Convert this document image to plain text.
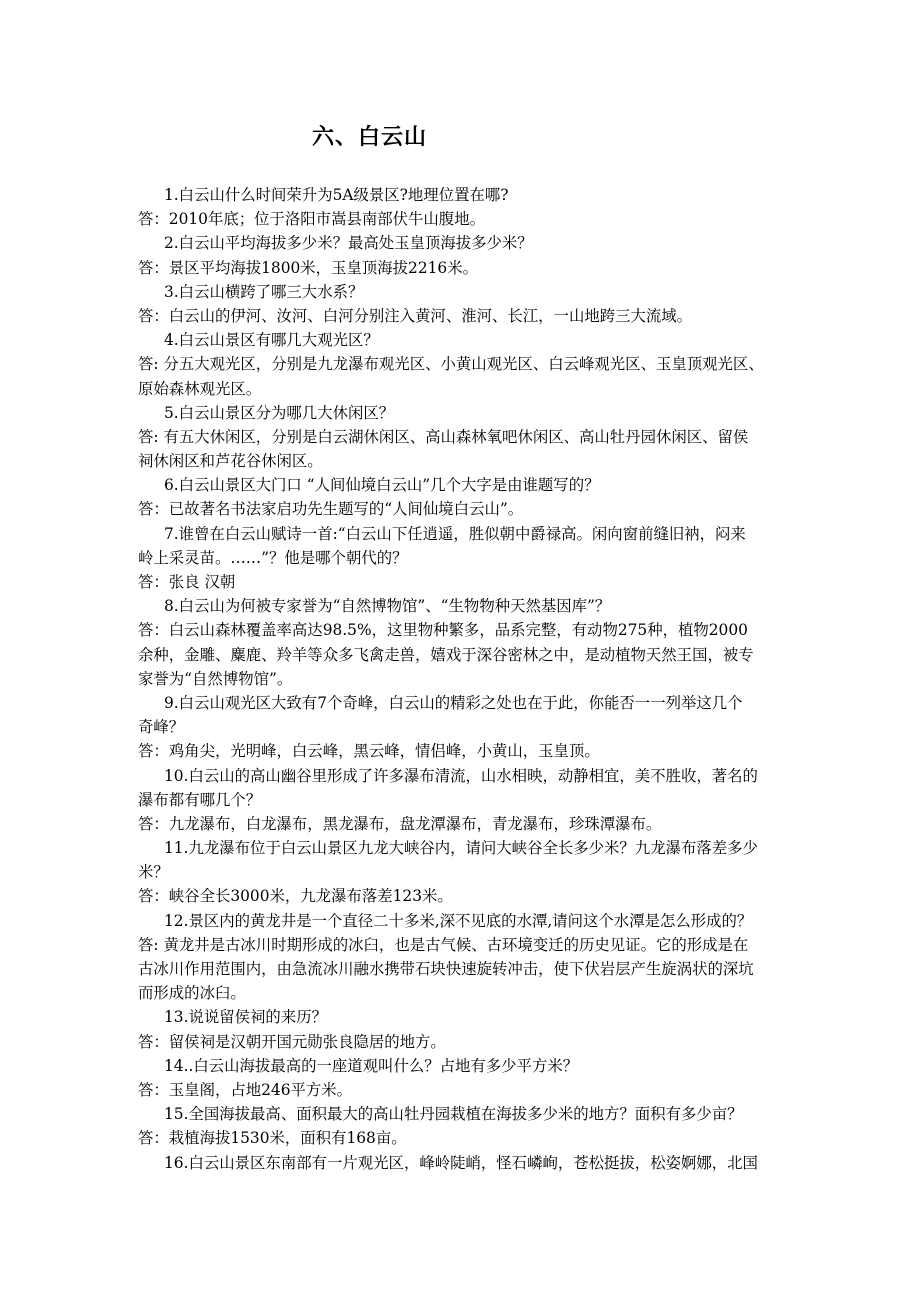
六、白云山
1.白云山什么时间荣升为5A级景区?地理位置在哪?
答：2010年底；位于洛阳市嵩县南部伏牛山腹地。
2.白云山平均海拔多少米？最高处玉皇顶海拔多少米？
答：景区平均海拔1800米，玉皇顶海拔2216米。
3.白云山横跨了哪三大水系？
答：白云山的伊河、汝河、白河分别注入黄河、淮河、长江，一山地跨三大流域。
4.白云山景区有哪几大观光区？
答: 分五大观光区，分别是九龙瀑布观光区、小黄山观光区、白云峰观光区、玉皇顶观光区、
原始森林观光区。
5.白云山景区分为哪几大休闲区？
答: 有五大休闲区，分别是白云湖休闲区、高山森林氧吧休闲区、高山牡丹园休闲区、留侯
祠休闲区和芦花谷休闲区。
6.白云山景区大门口 “人间仙境白云山”几个大字是由谁题写的？
答：已故著名书法家启功先生题写的“人间仙境白云山”。
7.谁曾在白云山赋诗一首:“白云山下任逍遥，胜似朝中爵禄高。闲向窗前缝旧衲，闷来
岭上采灵苗。……”？他是哪个朝代的？
答：张良 汉朝
8.白云山为何被专家誉为“自然博物馆”、“生物物种天然基因库”？
答：白云山森林覆盖率高达98.5%，这里物种繁多，品系完整，有动物275种，植物2000
余种，金雕、麋鹿、羚羊等众多飞禽走兽，嬉戏于深谷密林之中，是动植物天然王国，被专
家誉为“自然博物馆”。
9.白云山观光区大致有7个奇峰，白云山的精彩之处也在于此，你能否一一列举这几个
奇峰？
答：鸡角尖，光明峰，白云峰，黑云峰，情侣峰，小黄山，玉皇顶。
10.白云山的高山幽谷里形成了许多瀑布清流，山水相映，动静相宜，美不胜收，著名的
瀑布都有哪几个？
答：九龙瀑布，白龙瀑布，黑龙瀑布，盘龙潭瀑布，青龙瀑布，珍珠潭瀑布。
11.九龙瀑布位于白云山景区九龙大峡谷内，请问大峡谷全长多少米？九龙瀑布落差多少
米？
答：峡谷全长3000米，九龙瀑布落差123米。
12.景区内的黄龙井是一个直径二十多米,深不见底的水潭,请问这个水潭是怎么形成的？
答: 黄龙井是古冰川时期形成的冰臼，也是古气候、古环境变迁的历史见证。它的形成是在
古冰川作用范围内，由急流冰川融水携带石块快速旋转冲击，使下伏岩层产生旋涡状的深坑
而形成的冰臼。
13.说说留侯祠的来历？
答：留侯祠是汉朝开国元勋张良隐居的地方。
14..白云山海拔最高的一座道观叫什么？占地有多少平方米？
答：玉皇阁，占地246平方米。
15.全国海拔最高、面积最大的高山牡丹园栽植在海拔多少米的地方？面积有多少亩？
答：栽植海拔1530米，面积有168亩。
16.白云山景区东南部有一片观光区，峰岭陡峭，怪石嶙峋，苍松挺拔，松姿婀娜，北国
